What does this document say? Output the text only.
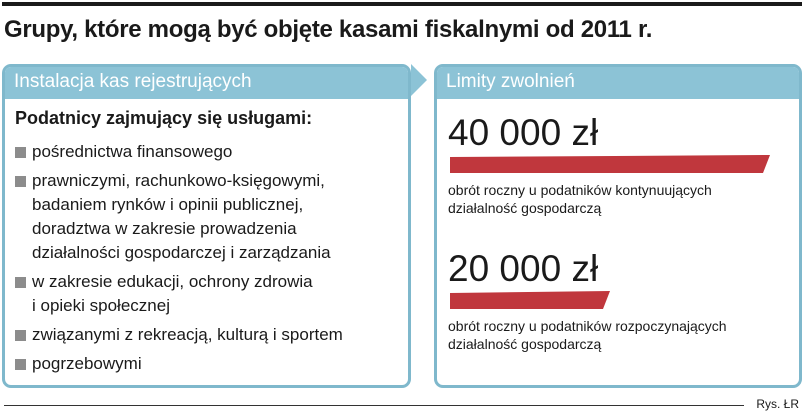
Grupy, które mogą być objęte kasami fiskalnymi od 2011 r.
Instalacja kas rejestrujących
Podatnicy zajmujący się usługami:
pośrednictwa finansowego
prawniczymi, rachunkowo-księgowymi,
badaniem rynków i opinii publicznej,
doradztwa w zakresie prowadzenia
działalności gospodarczej i zarządzania
w zakresie edukacji, ochrony zdrowia
i opieki społecznej
związanymi z rekreacją, kulturą i sportem
pogrzebowymi
Limity zwolnień
40 000 zł
obrót roczny u podatników kontynuujących
działalność gospodarczą
20 000 zł
obrót roczny u podatników rozpoczynających
działalność gospodarczą
Rys. ŁR
